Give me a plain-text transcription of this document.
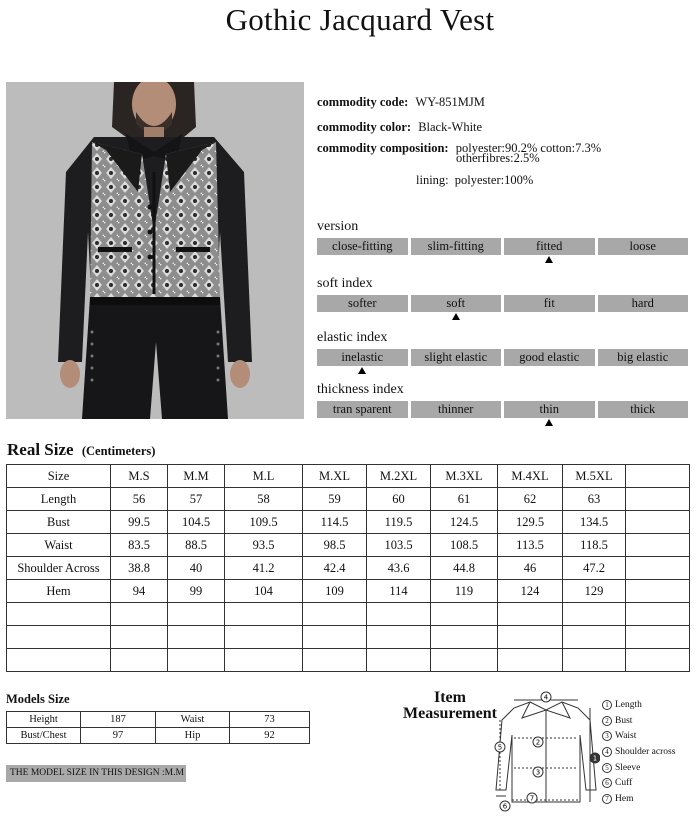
Gothic Jacquard Vest
commodity code: WY-851MJM
commodity color: Black-White
commodity composition: polyester:90.2% cotton:7.3%
otherfibres:2.5%
lining: polyester:100%
version
close-fitting	slim-fitting	fitted	loose
soft index
softer	soft	fit	hard
elastic index
inelastic	slight elastic	good elastic	big elastic
thickness index
tran sparent	thinner	thin	thick
Real Size (Centimeters)
Size	M.S	M.M	M.L	M.XL	M.2XL	M.3XL	M.4XL	M.5XL	
Length	56	57	58	59	60	61	62	63	
Bust	99.5	104.5	109.5	114.5	119.5	124.5	129.5	134.5	
Waist	83.5	88.5	93.5	98.5	103.5	108.5	113.5	118.5	
Shoulder Across	38.8	40	41.2	42.4	43.6	44.8	46	47.2	
Hem	94	99	104	109	114	119	124	129	

Models Size
Height	187	Waist	73
Bust/Chest	97	Hip	92
THE MODEL SIZE IN THIS DESIGN :M.M
Item
Measurement
4
2
3
7
5
6
1
1 Length
2 Bust
3 Waist
4 Shoulder across
5 Sleeve
6 Cuff
7 Hem
